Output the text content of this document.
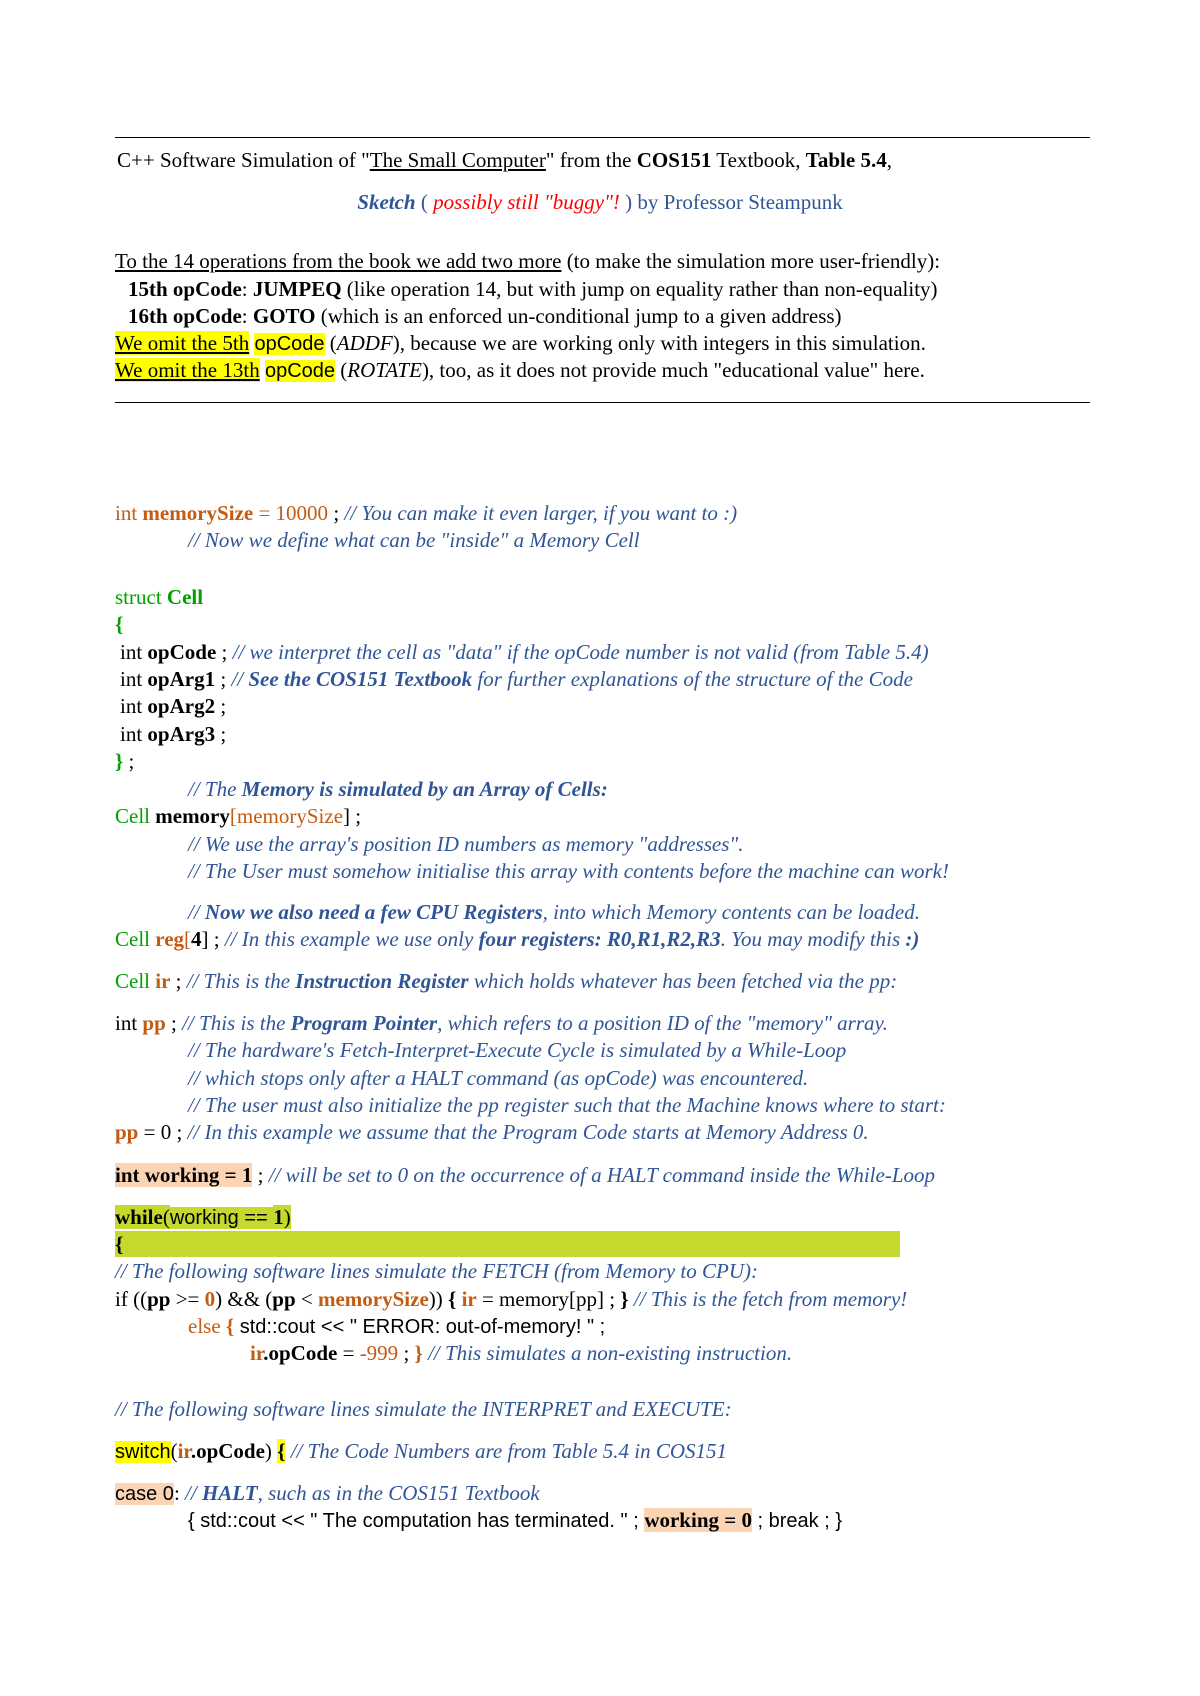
C++ Software Simulation of "The Small Computer" from the COS151 Textbook, Table 5.4,
Sketch ( possibly still "buggy"! ) by Professor Steampunk
To the 14 operations from the book we add two more (to make the simulation more user-friendly):
15th opCode: JUMPEQ (like operation 14, but with jump on equality rather than non-equality)
16th opCode: GOTO (which is an enforced un-conditional jump to a given address)
We omit the 5th opCode (ADDF), because we are working only with integers in this simulation.
We omit the 13th opCode (ROTATE), too, as it does not provide much "educational value" here.
int memorySize = 10000 ; // You can make it even larger, if you want to :)
// Now we define what can be "inside" a Memory Cell
struct Cell
{
int opCode ; // we interpret the cell as "data" if the opCode number is not valid (from Table 5.4)
int opArg1 ; // See the COS151 Textbook for further explanations of the structure of the Code
int opArg2 ;
int opArg3 ;
} ;
// The Memory is simulated by an Array of Cells:
Cell memory[memorySize] ;
// We use the array's position ID numbers as memory "addresses".
// The User must somehow initialise this array with contents before the machine can work!
// Now we also need a few CPU Registers, into which Memory contents can be loaded.
Cell reg[4] ; // In this example we use only four registers: R0,R1,R2,R3. You may modify this :)
Cell ir ; // This is the Instruction Register which holds whatever has been fetched via the pp:
int pp ; // This is the Program Pointer, which refers to a position ID of the "memory" array.
// The hardware's Fetch-Interpret-Execute Cycle is simulated by a While-Loop
// which stops only after a HALT command (as opCode) was encountered.
// The user must also initialize the pp register such that the Machine knows where to start:
pp = 0 ; // In this example we assume that the Program Code starts at Memory Address 0.
int working = 1 ; // will be set to 0 on the occurrence of a HALT command inside the While-Loop
while(working == 1)
{
// The following software lines simulate the FETCH (from Memory to CPU):
if ((pp >= 0) && (pp < memorySize)) { ir = memory[pp] ; } // This is the fetch from memory!
else { std::cout << " ERROR: out-of-memory! " ;
ir.opCode = -999 ; } // This simulates a non-existing instruction.
// The following software lines simulate the INTERPRET and EXECUTE:
switch(ir.opCode) { // The Code Numbers are from Table 5.4 in COS151
case 0: // HALT, such as in the COS151 Textbook
{ std::cout << " The computation has terminated. " ; working = 0 ; break ; }
